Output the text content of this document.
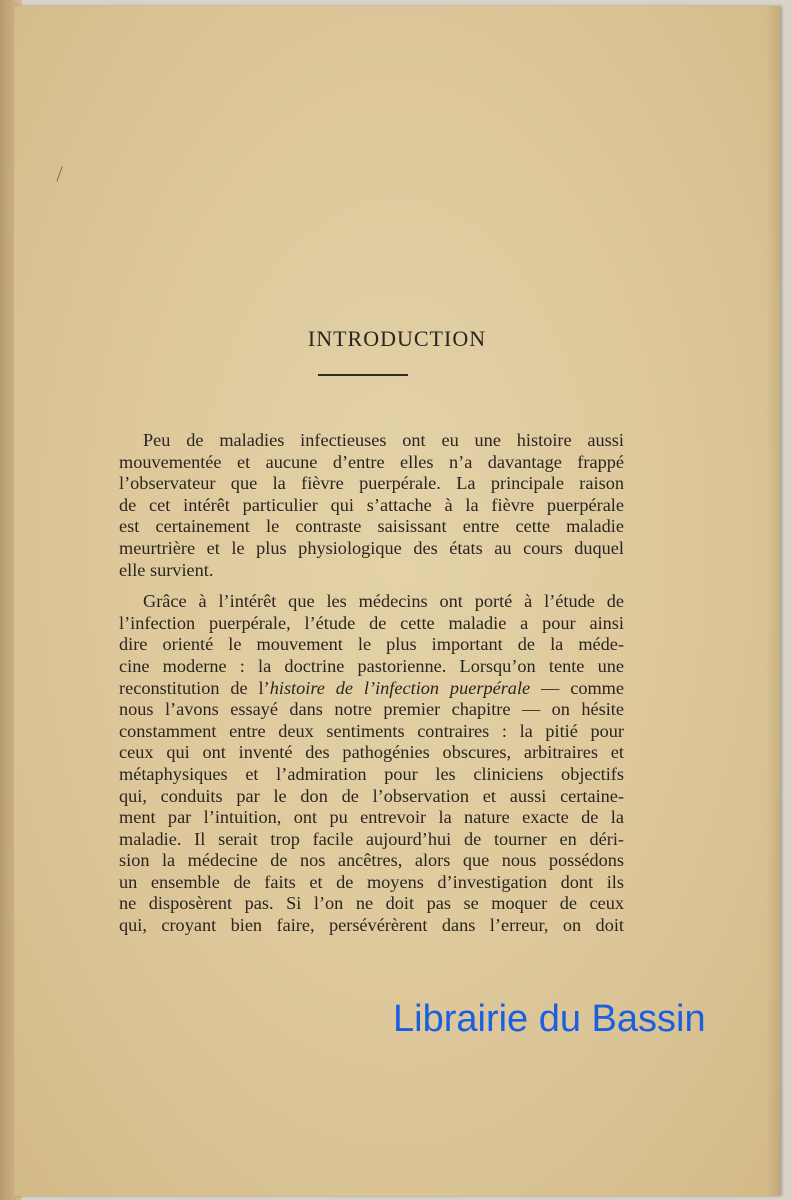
INTRODUCTION
Peu de maladies infectieuses ont eu une histoire aussi
mouvementée et aucune d’entre elles n’a davantage frappé
l’observateur que la fièvre puerpérale. La principale raison
de cet intérêt particulier qui s’attache à la fièvre puerpérale
est certainement le contraste saisissant entre cette maladie
meurtrière et le plus physiologique des états au cours duquel
elle survient.
Grâce à l’intérêt que les médecins ont porté à l’étude de
l’infection puerpérale, l’étude de cette maladie a pour ainsi
dire orienté le mouvement le plus important de la méde-
cine moderne : la doctrine pastorienne. Lorsqu’on tente une
reconstitution de l’histoire de l’infection puerpérale — comme
nous l’avons essayé dans notre premier chapitre — on hésite
constamment entre deux sentiments contraires : la pitié pour
ceux qui ont inventé des pathogénies obscures, arbitraires et
métaphysiques et l’admiration pour les cliniciens objectifs
qui, conduits par le don de l’observation et aussi certaine-
ment par l’intuition, ont pu entrevoir la nature exacte de la
maladie. Il serait trop facile aujourd’hui de tourner en déri-
sion la médecine de nos ancêtres, alors que nous possédons
un ensemble de faits et de moyens d’investigation dont ils
ne disposèrent pas. Si l’on ne doit pas se moquer de ceux
qui, croyant bien faire, persévérèrent dans l’erreur, on doit
Librairie du Bassin
